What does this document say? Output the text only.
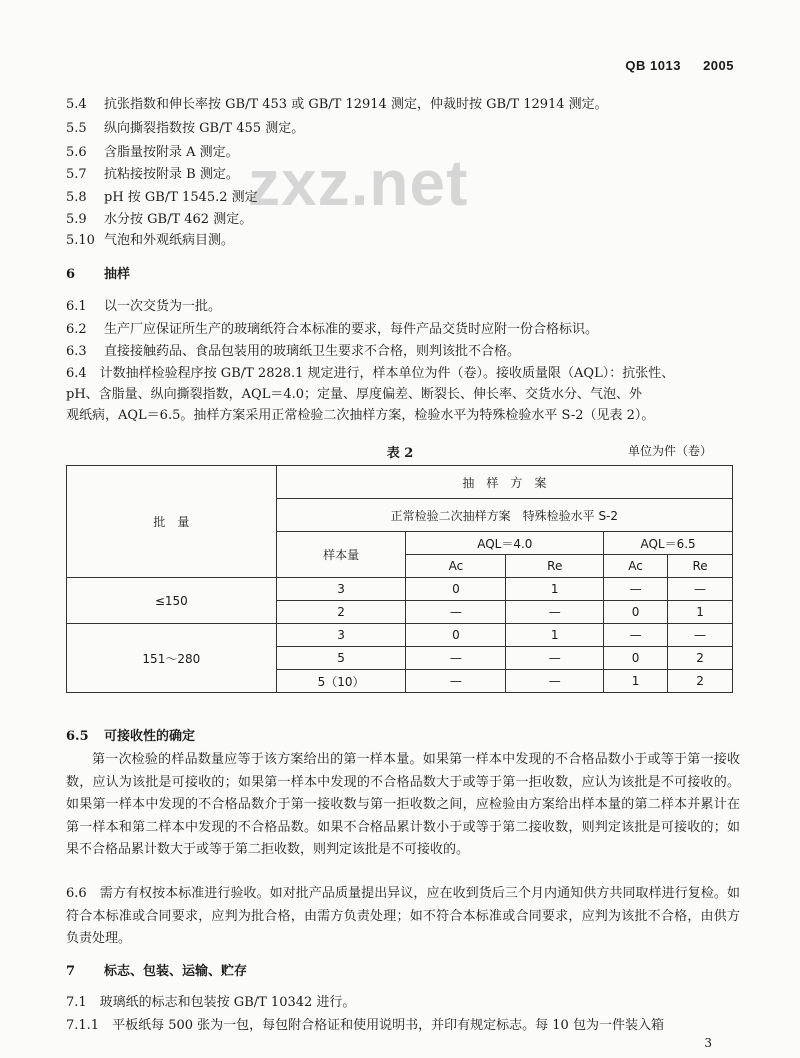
QB 1013 2005
zxz.net
5.4 抗张指数和伸长率按 GB/T 453 或 GB/T 12914 测定，仲裁时按 GB/T 12914 测定。
5.5 纵向撕裂指数按 GB/T 455 测定。
5.6 含脂量按附录 A 测定。
5.7 抗粘接按附录 B 测定。
5.8 pH 按 GB/T 1545.2 测定
5.9 水分按 GB/T 462 测定。
5.10 气泡和外观纸病目测。
6 抽样
6.1 以一次交货为一批。
6.2 生产厂应保证所生产的玻璃纸符合本标准的要求，每件产品交货时应附一份合格标识。
6.3 直接接触药品、食品包装用的玻璃纸卫生要求不合格，则判该批不合格。
6.4　计数抽样检验程序按 GB/T 2828.1 规定进行，样本单位为件（卷）。接收质量限（AQL）：抗张性、
pH、含脂量、纵向撕裂指数，AQL＝4.0；定量、厚度偏差、断裂长、伸长率、交货水分、气泡、外
观纸病，AQL＝6.5。抽样方案采用正常检验二次抽样方案，检验水平为特殊检验水平 S-2（见表 2）。
表 2	单位为件（卷）
批　量	抽　样　方　案				
	正常检验二次抽样方案　特殊检验水平 S-2				
	样本量	AQL＝4.0		AQL＝6.5	
		Ac	Re	Ac	Re
≤150	3	0	1	—	—
	2	—	—	0	1
151～280	3	0	1	—	—
	5	—	—	0	2
	5（10）	—	—	1	2
6.5 可接收性的确定
第一次检验的样品数量应等于该方案给出的第一样本量。如果第一样本中发现的不合格品数小于或等于第一接收数，应认为该批是可接收的；如果第一样本中发现的不合格品数大于或等于第一拒收数，应认为该批是不可接收的。如果第一样本中发现的不合格品数介于第一接收数与第一拒收数之间，应检验由方案给出样本量的第二样本并累计在第一样本和第二样本中发现的不合格品数。如果不合格品累计数小于或等于第二接收数，则判定该批是可接收的；如果不合格品累计数大于或等于第二拒收数，则判定该批是不可接收的。
6.6　需方有权按本标准进行验收。如对批产品质量提出异议，应在收到货后三个月内通知供方共同取样进行复检。如符合本标准或合同要求，应判为批合格，由需方负责处理；如不符合本标准或合同要求，应判为该批不合格，由供方负责处理。
7 标志、包装、运输、贮存
7.1　玻璃纸的标志和包装按 GB/T 10342 进行。
7.1.1　平板纸每 500 张为一包，每包附合格证和使用说明书，并印有规定标志。每 10 包为一件装入箱
3
